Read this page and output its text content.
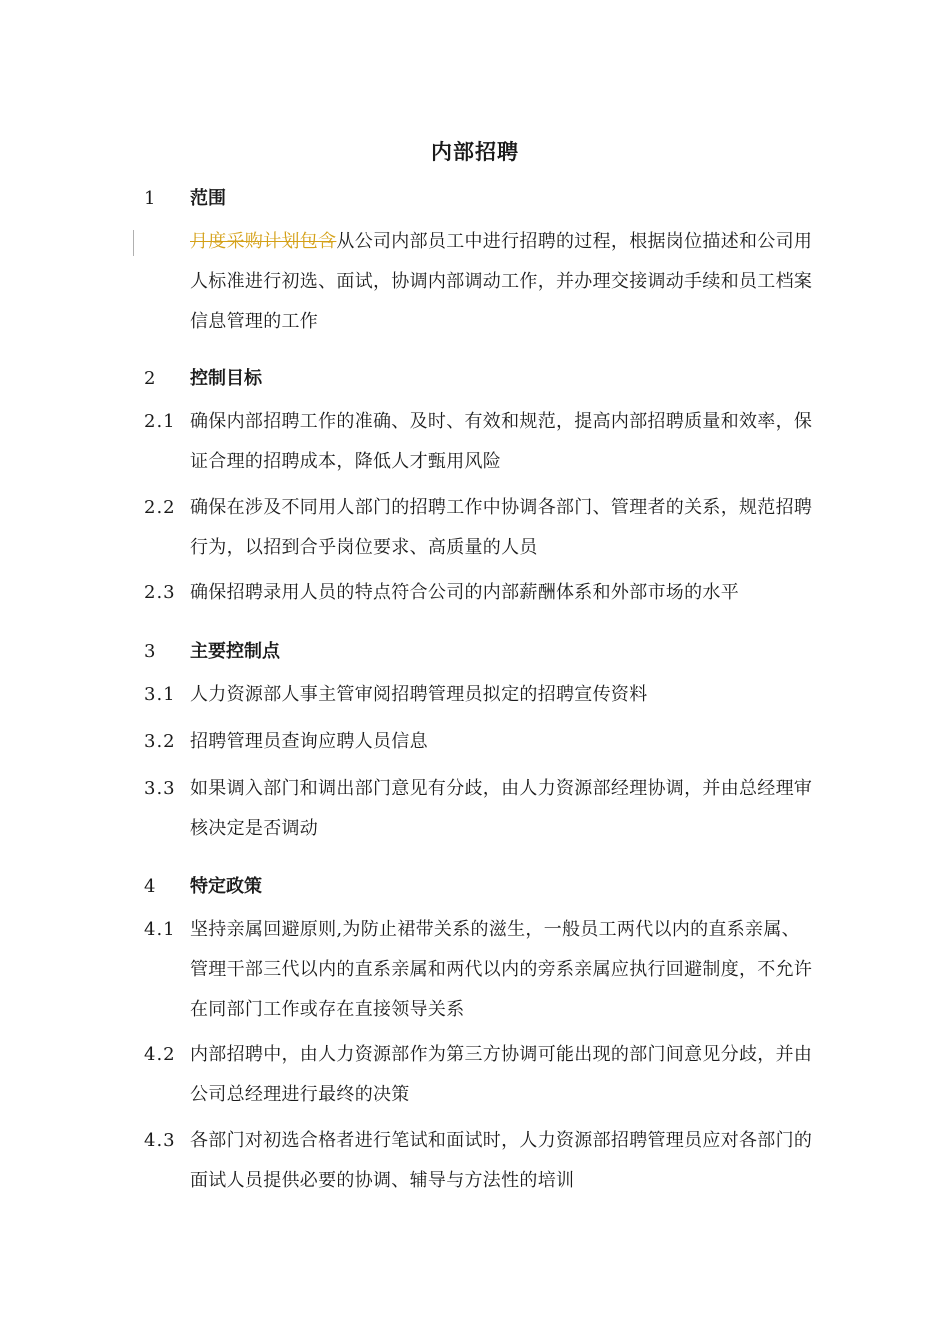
内部招聘
1 范围
月度采购计划包含从公司内部员工中进行招聘的过程，根据岗位描述和公司用人标准进行初选、面试，协调内部调动工作，并办理交接调动手续和员工档案信息管理的工作
2 控制目标
2.1 确保内部招聘工作的准确、及时、有效和规范，提高内部招聘质量和效率，保证合理的招聘成本，降低人才甄用风险
2.2 确保在涉及不同用人部门的招聘工作中协调各部门、管理者的关系，规范招聘行为，以招到合乎岗位要求、高质量的人员
2.3 确保招聘录用人员的特点符合公司的内部薪酬体系和外部市场的水平
3 主要控制点
3.1 人力资源部人事主管审阅招聘管理员拟定的招聘宣传资料
3.2 招聘管理员查询应聘人员信息
3.3 如果调入部门和调出部门意见有分歧，由人力资源部经理协调，并由总经理审核决定是否调动
4 特定政策
4.1 坚持亲属回避原则,为防止裙带关系的滋生，一般员工两代以内的直系亲属、管理干部三代以内的直系亲属和两代以内的旁系亲属应执行回避制度，不允许在同部门工作或存在直接领导关系
4.2 内部招聘中，由人力资源部作为第三方协调可能出现的部门间意见分歧，并由公司总经理进行最终的决策
4.3 各部门对初选合格者进行笔试和面试时，人力资源部招聘管理员应对各部门的面试人员提供必要的协调、辅导与方法性的培训
